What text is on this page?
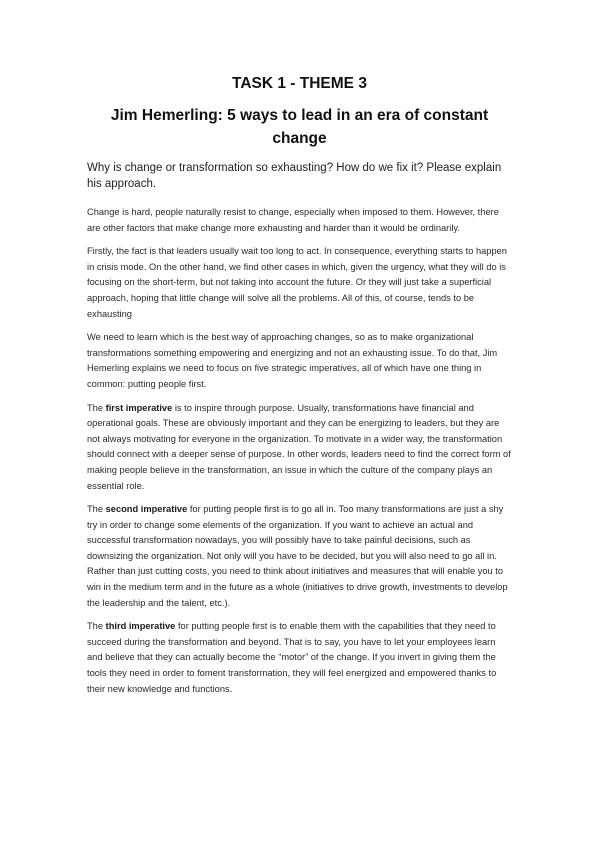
TASK 1 - THEME 3
Jim Hemerling: 5 ways to lead in an era of constant change
Why is change or transformation so exhausting? How do we fix it? Please explain his approach.

Change is hard, people naturally resist to change, especially when imposed to them. However, there are other factors that make change more exhausting and harder than it would be ordinarily.

Firstly, the fact is that leaders usually wait too long to act. In consequence, everything starts to happen in crisis mode. On the other hand, we find other cases in which, given the urgency, what they will do is focusing on the short-term, but not taking into account the future. Or they will just take a superficial approach, hoping that little change will solve all the problems. All of this, of course, tends to be exhausting

We need to learn which is the best way of approaching changes, so as to make organizational transformations something empowering and energizing and not an exhausting issue. To do that, Jim Hemerling explains we need to focus on five strategic imperatives, all of which have one thing in common: putting people first.

The first imperative is to inspire through purpose. Usually, transformations have financial and operational goals. These are obviously important and they can be energizing to leaders, but they are not always motivating for everyone in the organization. To motivate in a wider way, the transformation should connect with a deeper sense of purpose. In other words, leaders need to find the correct form of making people believe in the transformation, an issue in which the culture of the company plays an essential role.

The second imperative for putting people first is to go all in. Too many transformations are just a shy try in order to change some elements of the organization. If you want to achieve an actual and successful transformation nowadays, you will possibly have to take painful decisions, such as downsizing the organization. Not only will you have to be decided, but you will also need to go all in. Rather than just cutting costs, you need to think about initiatives and measures that will enable you to win in the medium term and in the future as a whole (initiatives to drive growth, investments to develop the leadership and the talent, etc.).

The third imperative for putting people first is to enable them with the capabilities that they need to succeed during the transformation and beyond. That is to say, you have to let your employees learn and believe that they can actually become the “motor” of the change. If you invert in giving them the tools they need in order to foment transformation, they will feel energized and empowered thanks to their new knowledge and functions.
